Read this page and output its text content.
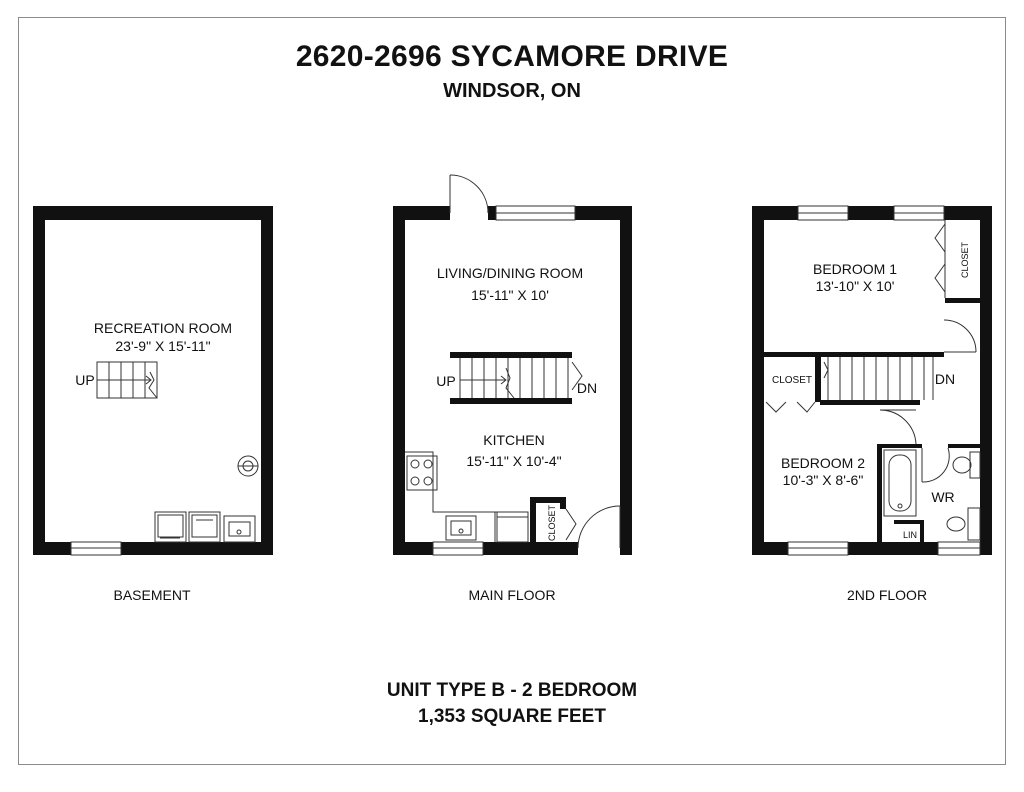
2620-2696 SYCAMORE DRIVE
WINDSOR, ON
RECREATION ROOM
23'-9" X 15'-11"
UP
BASEMENT
LIVING/DINING ROOM
15'-11" X 10'
UP	DN
KITCHEN
15'-11" X 10'-4"
CLOSET
MAIN FLOOR
BEDROOM 1
13'-10" X 10'
CLOSET
CLOSET	DN
BEDROOM 2
10'-3" X 8'-6"
WR
LIN
2ND FLOOR
UNIT TYPE B - 2 BEDROOM
1,353 SQUARE FEET
